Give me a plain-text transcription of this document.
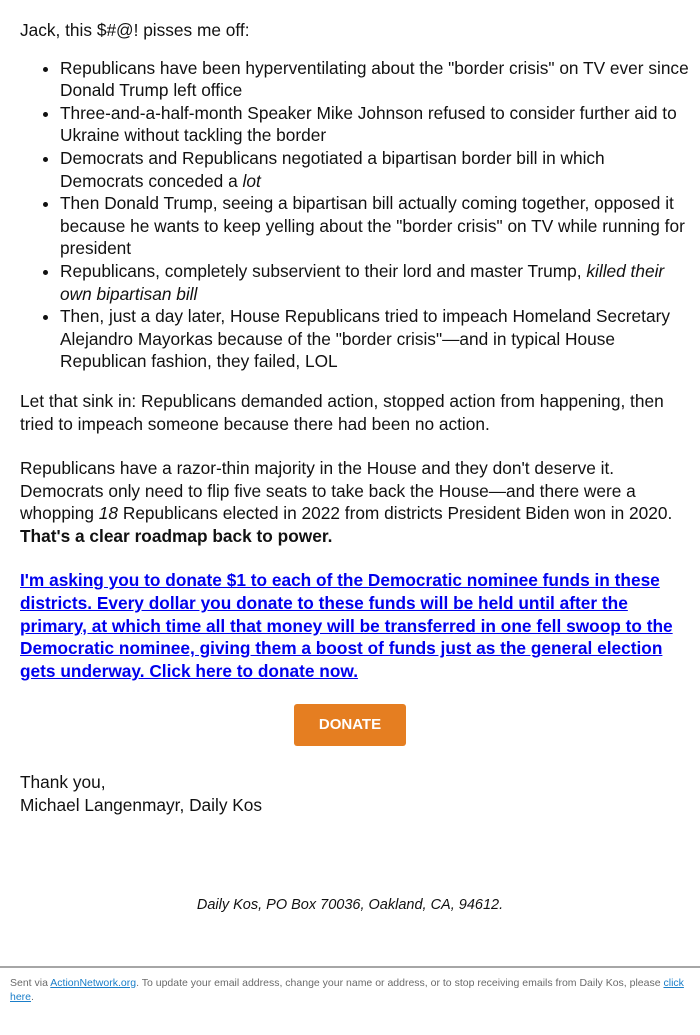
Jack, this $#@! pisses me off:

• Republicans have been hyperventilating about the "border crisis" on TV ever since Donald Trump left office
• Three-and-a-half-month Speaker Mike Johnson refused to consider further aid to Ukraine without tackling the border
• Democrats and Republicans negotiated a bipartisan border bill in which Democrats conceded a lot
• Then Donald Trump, seeing a bipartisan bill actually coming together, opposed it because he wants to keep yelling about the "border crisis" on TV while running for president
• Republicans, completely subservient to their lord and master Trump, killed their own bipartisan bill
• Then, just a day later, House Republicans tried to impeach Homeland Secretary Alejandro Mayorkas because of the "border crisis"—and in typical House Republican fashion, they failed, LOL

Let that sink in: Republicans demanded action, stopped action from happening, then tried to impeach someone because there had been no action.

Republicans have a razor-thin majority in the House and they don't deserve it. Democrats only need to flip five seats to take back the House—and there were a whopping 18 Republicans elected in 2022 from districts President Biden won in 2020. That's a clear roadmap back to power.

I'm asking you to donate $1 to each of the Democratic nominee funds in these districts. Every dollar you donate to these funds will be held until after the primary, at which time all that money will be transferred in one fell swoop to the Democratic nominee, giving them a boost of funds just as the general election gets underway. Click here to donate now.

DONATE

Thank you,

Michael Langenmayr, Daily Kos

Daily Kos, PO Box 70036, Oakland, CA, 94612.
Sent via ActionNetwork.org. To update your email address, change your name or address, or to stop receiving emails from Daily Kos, please click here.
